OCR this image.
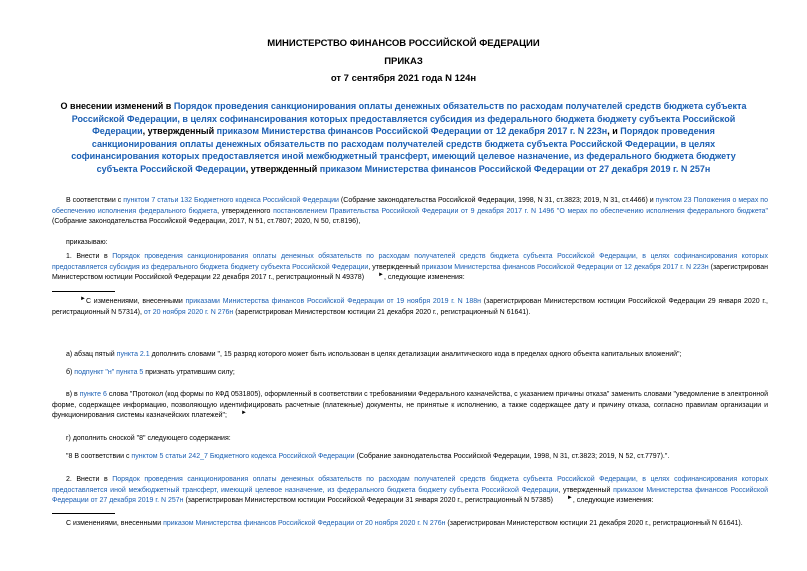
МИНИСТЕРСТВО ФИНАНСОВ РОССИЙСКОЙ ФЕДЕРАЦИИ
ПРИКАЗ
от 7 сентября 2021 года N 124н
О внесении изменений в Порядок проведения санкционирования оплаты денежных обязательств по расходам получателей средств бюджета субъекта Российской Федерации, в целях софинансирования которых предоставляется субсидия из федерального бюджета бюджету субъекта Российской Федерации, утвержденный приказом Министерства финансов Российской Федерации от 12 декабря 2017 г. N 223н, и Порядок проведения санкционирования оплаты денежных обязательств по расходам получателей средств бюджета субъекта Российской Федерации, в целях софинансирования которых предоставляется иной межбюджетный трансферт, имеющий целевое назначение, из федерального бюджета бюджету субъекта Российской Федерации, утвержденный приказом Министерства финансов Российской Федерации от 27 декабря 2019 г. N 257н
В соответствии с пунктом 7 статьи 132 Бюджетного кодекса Российской Федерации (Собрание законодательства Российской Федерации, 1998, N 31, ст.3823; 2019, N 31, ст.4466) и пунктом 23 Положения о мерах по обеспечению исполнения федерального бюджета, утвержденного постановлением Правительства Российской Федерации от 9 декабря 2017 г. N 1496 "О мерах по обеспечению исполнения федерального бюджета" (Собрание законодательства Российской Федерации, 2017, N 51, ст.7807; 2020, N 50, ст.8196),
приказываю:
1. Внести в Порядок проведения санкционирования оплаты денежных обязательств по расходам получателей средств бюджета субъекта Российской Федерации, в целях софинансирования которых предоставляется субсидия из федерального бюджета бюджету субъекта Российской Федерации, утвержденный приказом Министерства финансов Российской Федерации от 12 декабря 2017 г. N 223н (зарегистрирован Министерством юстиции Российской Федерации 22 декабря 2017 г., регистрационный N 49378) ►, следующие изменения:
►С изменениями, внесенными приказами Министерства финансов Российской Федерации от 19 ноября 2019 г. N 188н (зарегистрирован Министерством юстиции Российской Федерации 29 января 2020 г., регистрационный N 57314), от 20 ноября 2020 г. N 276н (зарегистрирован Министерством юстиции 21 декабря 2020 г., регистрационный N 61641).
а) абзац пятый пункта 2.1 дополнить словами ", 15 разряд которого может быть использован в целях детализации аналитического кода в пределах одного объекта капитальных вложений";
б) подпункт "н" пункта 5 признать утратившим силу;
в) в пункте 6 слова "Протокол (код формы по КФД 0531805), оформленный в соответствии с требованиями Федерального казначейства, с указанием причины отказа" заменить словами "уведомление в электронной форме, содержащее информацию, позволяющую идентифицировать расчетные (платежные) документы, не принятые к исполнению, а также содержащее дату и причину отказа, согласно правилам организации и функционирования системы казначейских платежей"; ►
г) дополнить сноской "8" следующего содержания:
"8 В соответствии с пунктом 5 статьи 242_7 Бюджетного кодекса Российской Федерации (Собрание законодательства Российской Федерации, 1998, N 31, ст.3823; 2019, N 52, ст.7797).".
2. Внести в Порядок проведения санкционирования оплаты денежных обязательств по расходам получателей средств бюджета субъекта Российской Федерации, в целях софинансирования которых предоставляется иной межбюджетный трансферт, имеющий целевое назначение, из федерального бюджета бюджету субъекта Российской Федерации, утвержденный приказом Министерства финансов Российской Федерации от 27 декабря 2019 г. N 257н (зарегистрирован Министерством юстиции Российской Федерации 31 января 2020 г., регистрационный N 57385) ►, следующие изменения:
С изменениями, внесенными приказом Министерства финансов Российской Федерации от 20 ноября 2020 г. N 276н (зарегистрирован Министерством юстиции 21 декабря 2020 г., регистрационный N 61641).
